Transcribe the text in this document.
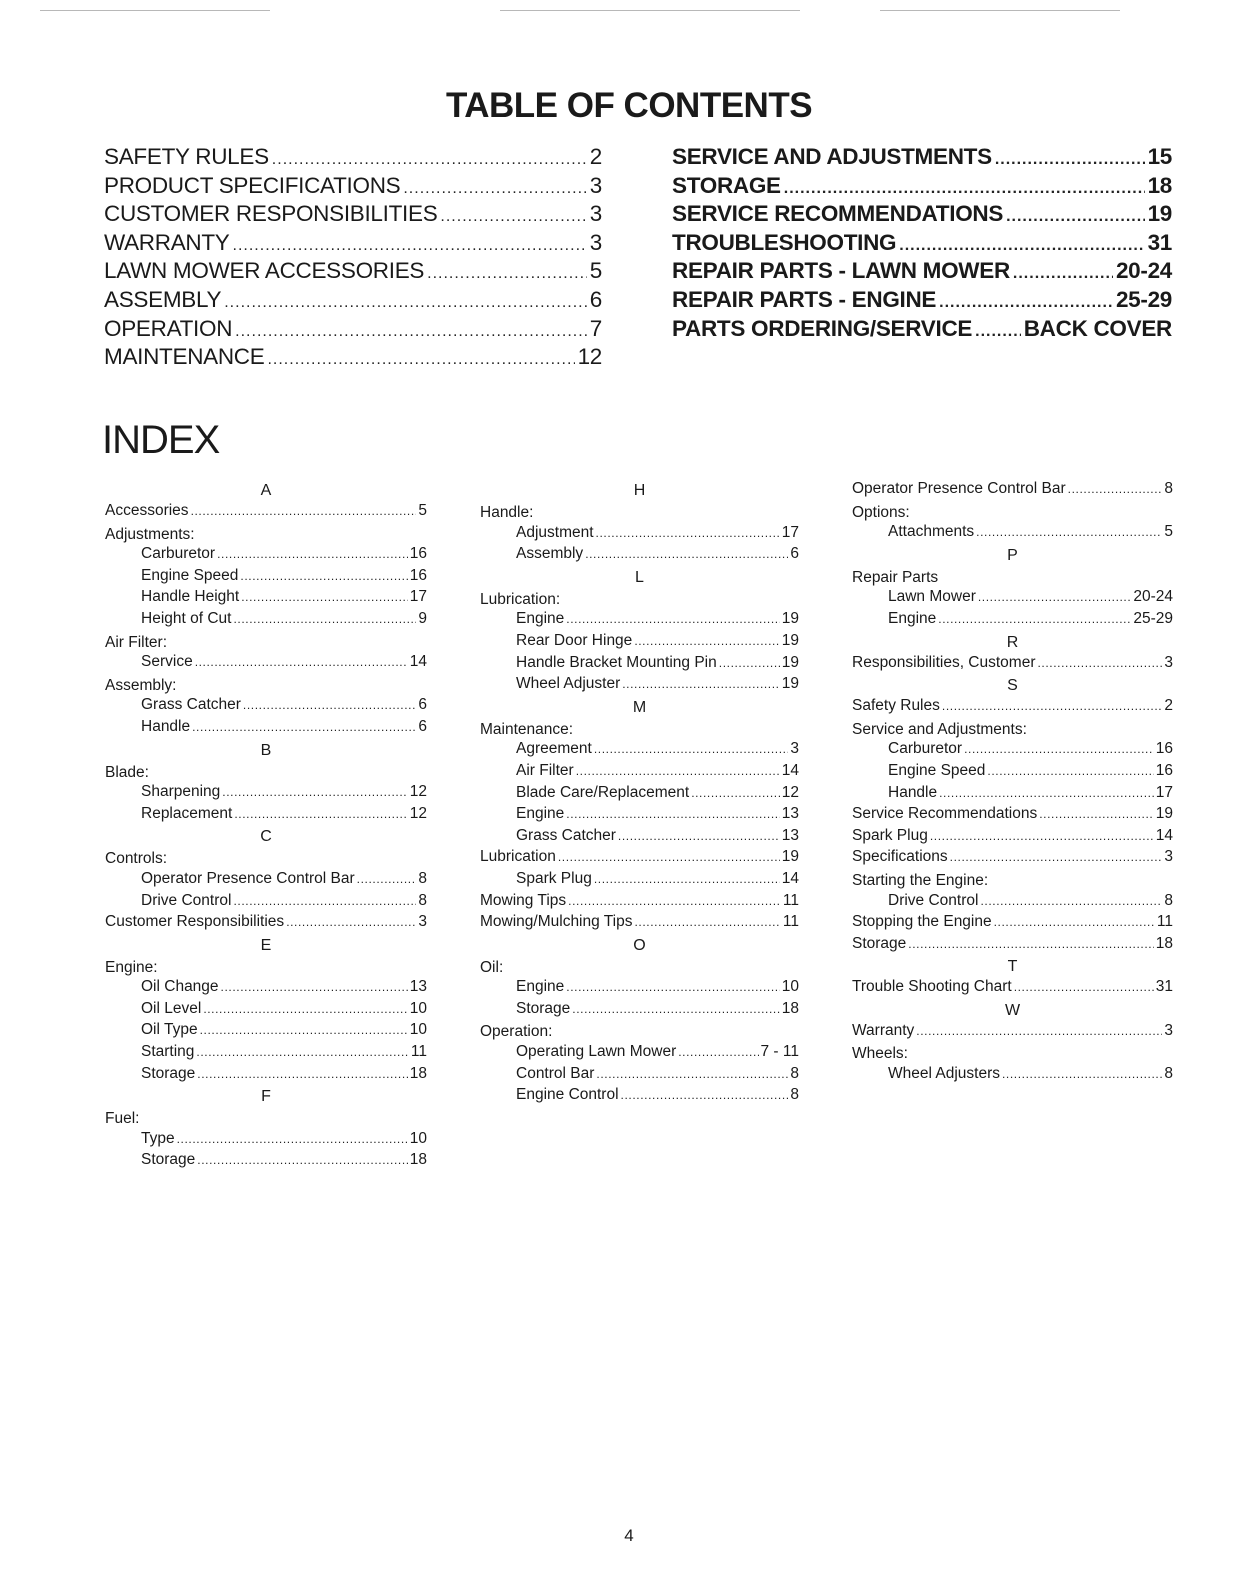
TABLE OF CONTENTS
SAFETY RULES .....	2
PRODUCT SPECIFICATIONS .....	3
CUSTOMER RESPONSIBILITIES .....	3
WARRANTY .....	3
LAWN MOWER ACCESSORIES .....	5
ASSEMBLY .....	6
OPERATION .....	7
MAINTENANCE .....	12
SERVICE AND ADJUSTMENTS .....	15
STORAGE .....	18
SERVICE RECOMMENDATIONS .....	19
TROUBLESHOOTING .....	31
REPAIR PARTS - LAWN MOWER .....	20-24
REPAIR PARTS - ENGINE .....	25-29
PARTS ORDERING/SERVICE ..... BACK COVER
INDEX
A
Accessories .....	5
Adjustments:
Carburetor .....	16
Engine Speed .....	16
Handle Height .....	17
Height of Cut .....	9
Air Filter:
Service .....	14
Assembly:
Grass Catcher .....	6
Handle .....	6
B
Blade:
Sharpening .....	12
Replacement .....	12
C
Controls:
Operator Presence Control Bar .....	8
Drive Control .....	8
Customer Responsibilities .....	3
E
Engine:
Oil Change .....	13
Oil Level .....	10
Oil Type .....	10
Starting .....	11
Storage .....	18
F
Fuel:
Type .....	10
Storage .....	18
H
Handle:
Adjustment .....	17
Assembly .....	6
L
Lubrication:
Engine .....	19
Rear Door Hinge .....	19
Handle Bracket Mounting Pin .....	19
Wheel Adjuster .....	19
M
Maintenance:
Agreement .....	3
Air Filter .....	14
Blade Care/Replacement .....	12
Engine .....	13
Grass Catcher .....	13
Lubrication .....	19
Spark Plug .....	14
Mowing Tips .....	11
Mowing/Mulching Tips .....	11
O
Oil:
Engine .....	10
Storage .....	18
Operation:
Operating Lawn Mower .....	7 - 11
Control Bar .....	8
Engine Control .....	8
Operator Presence Control Bar .....	8
Options:
Attachments .....	5
P
Repair Parts
Lawn Mower .....	20-24
Engine .....	25-29
R
Responsibilities, Customer .....	3
S
Safety Rules .....	2
Service and Adjustments:
Carburetor .....	16
Engine Speed .....	16
Handle .....	17
Service Recommendations .....	19
Spark Plug .....	14
Specifications .....	3
Starting the Engine:
Drive Control .....	8
Stopping the Engine .....	11
Storage .....	18
T
Trouble Shooting Chart .....	31
W
Warranty .....	3
Wheels:
Wheel Adjusters .....	8
4
